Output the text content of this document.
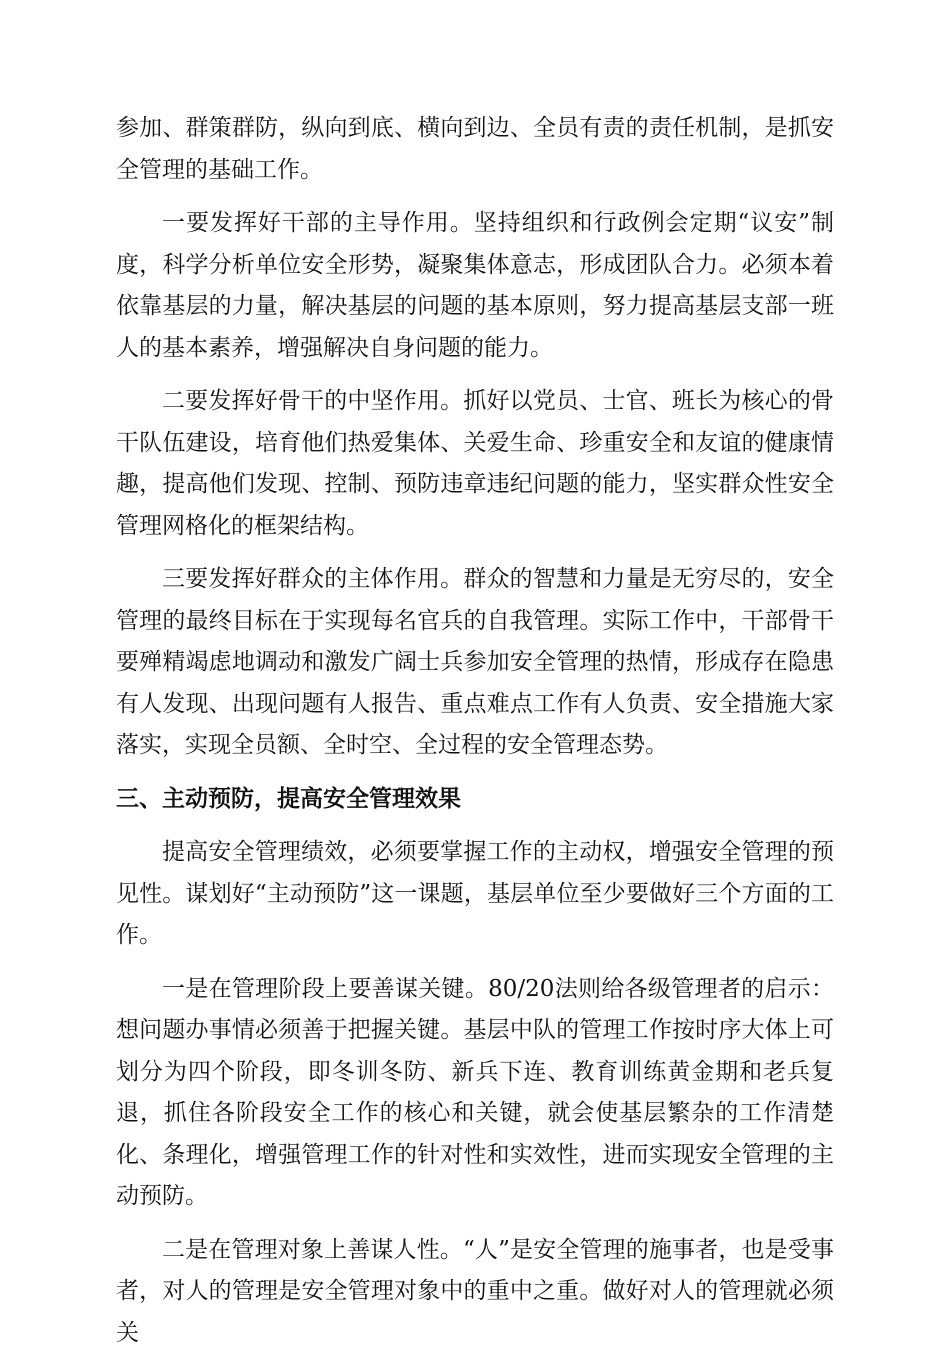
参加、群策群防，纵向到底、横向到边、全员有责的责任机制，是抓安全管理的基础工作。

一要发挥好干部的主导作用。坚持组织和行政例会定期“议安”制度，科学分析单位安全形势，凝聚集体意志，形成团队合力。必须本着依靠基层的力量，解决基层的问题的基本原则，努力提高基层支部一班人的基本素养，增强解决自身问题的能力。

二要发挥好骨干的中坚作用。抓好以党员、士官、班长为核心的骨干队伍建设，培育他们热爱集体、关爱生命、珍重安全和友谊的健康情趣，提高他们发现、控制、预防违章违纪问题的能力，坚实群众性安全管理网格化的框架结构。

三要发挥好群众的主体作用。群众的智慧和力量是无穷尽的，安全管理的最终目标在于实现每名官兵的自我管理。实际工作中，干部骨干要殚精竭虑地调动和激发广阔士兵参加安全管理的热情，形成存在隐患有人发现、出现问题有人报告、重点难点工作有人负责、安全措施大家落实，实现全员额、全时空、全过程的安全管理态势。

三、主动预防，提高安全管理效果

提高安全管理绩效，必须要掌握工作的主动权，增强安全管理的预见性。谋划好“主动预防”这一课题，基层单位至少要做好三个方面的工作。

一是在管理阶段上要善谋关键。80/20法则给各级管理者的启示：想问题办事情必须善于把握关键。基层中队的管理工作按时序大体上可划分为四个阶段，即冬训冬防、新兵下连、教育训练黄金期和老兵复退，抓住各阶段安全工作的核心和关键，就会使基层繁杂的工作清楚化、条理化，增强管理工作的针对性和实效性，进而实现安全管理的主动预防。

二是在管理对象上善谋人性。“人”是安全管理的施事者，也是受事者，对人的管理是安全管理对象中的重中之重。做好对人的管理就必须关
